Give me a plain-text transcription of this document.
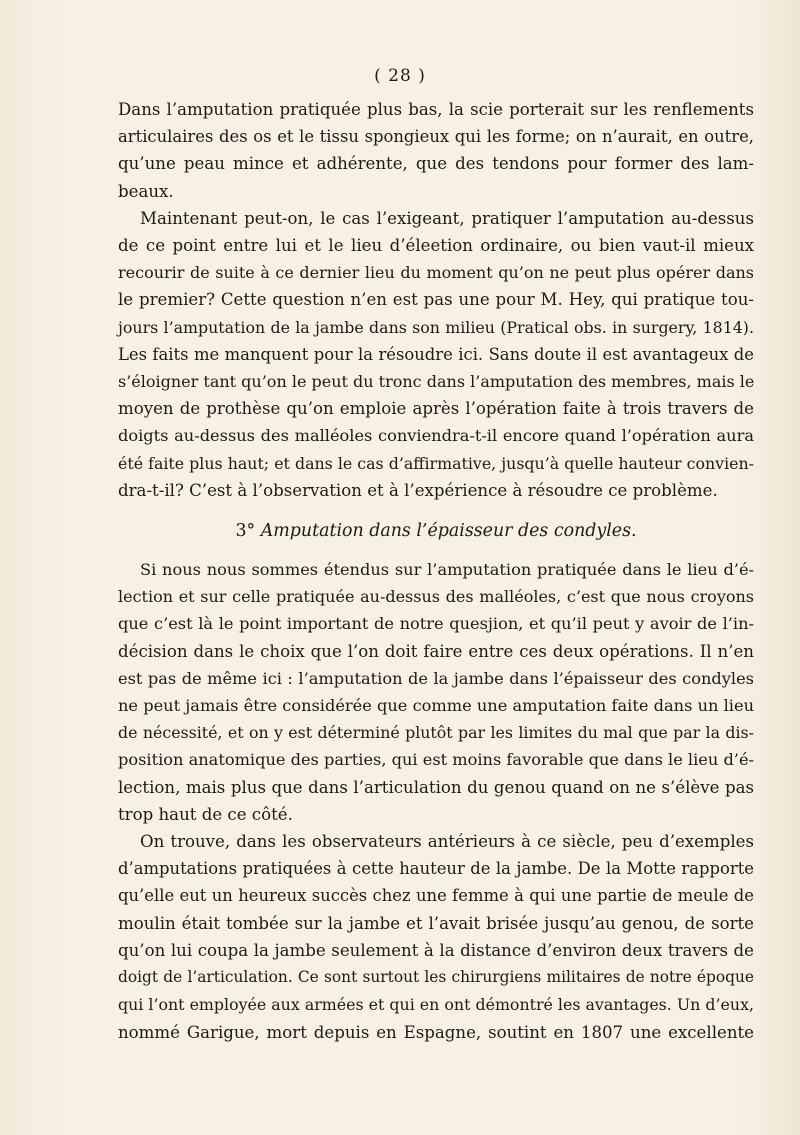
( 28 )

Dans l’amputation pratiquée plus bas, la scie porterait sur les renflements
articulaires des os et le tissu spongieux qui les forme; on n’aurait, en outre,
qu’une peau mince et adhérente, que des tendons pour former des lam-
beaux.

Maintenant peut-on, le cas l’exigeant, pratiquer l’amputation au-dessus
de ce point entre lui et le lieu d’éleetion ordinaire, ou bien vaut-il mieux
recourir de suite à ce dernier lieu du moment qu’on ne peut plus opérer dans
le premier? Cette question n’en est pas une pour M. Hey, qui pratique tou-
jours l’amputation de la jambe dans son milieu (Pratical obs. in surgery, 1814).
Les faits me manquent pour la résoudre ici. Sans doute il est avantageux de
s’éloigner tant qu’on le peut du tronc dans l’amputation des membres, mais le
moyen de prothèse qu’on emploie après l’opération faite à trois travers de
doigts au-dessus des malléoles conviendra-t-il encore quand l’opération aura
été faite plus haut; et dans le cas d’affirmative, jusqu’à quelle hauteur convien-
dra-t-il? C’est à l’observation et à l’expérience à résoudre ce problème.

3° Amputation dans l’épaisseur des condyles.

Si nous nous sommes étendus sur l’amputation pratiquée dans le lieu d’é-
lection et sur celle pratiquée au-dessus des malléoles, c’est que nous croyons
que c’est là le point important de notre quesjion, et qu’il peut y avoir de l’in-
décision dans le choix que l’on doit faire entre ces deux opérations. Il n’en
est pas de même ici : l’amputation de la jambe dans l’épaisseur des condyles
ne peut jamais être considérée que comme une amputation faite dans un lieu
de nécessité, et on y est déterminé plutôt par les limites du mal que par la dis-
position anatomique des parties, qui est moins favorable que dans le lieu d’é-
lection, mais plus que dans l’articulation du genou quand on ne s’élève pas
trop haut de ce côté.

On trouve, dans les observateurs antérieurs à ce siècle, peu d’exemples
d’amputations pratiquées à cette hauteur de la jambe. De la Motte rapporte
qu’elle eut un heureux succès chez une femme à qui une partie de meule de
moulin était tombée sur la jambe et l’avait brisée jusqu’au genou, de sorte
qu’on lui coupa la jambe seulement à la distance d’environ deux travers de
doigt de l’articulation. Ce sont surtout les chirurgiens militaires de notre époque
qui l’ont employée aux armées et qui en ont démontré les avantages. Un d’eux,
nommé Garigue, mort depuis en Espagne, soutint en 1807 une excellente
